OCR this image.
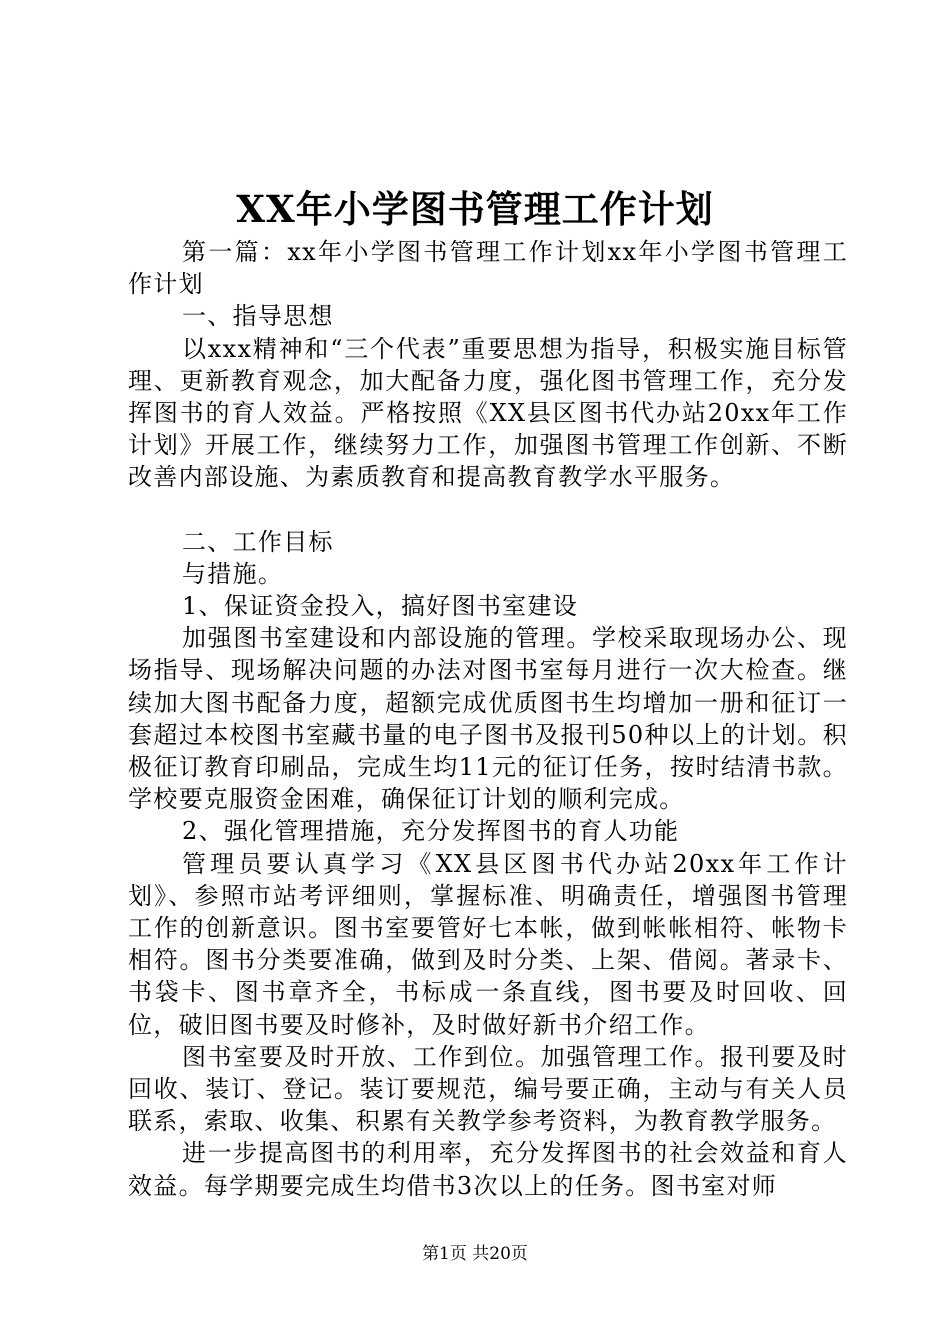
XX年小学图书管理工作计划

第一篇：xx年小学图书管理工作计划xx年小学图书管理工作计划

一、指导思想

以xxx精神和“三个代表”重要思想为指导，积极实施目标管理、更新教育观念，加大配备力度，强化图书管理工作，充分发挥图书的育人效益。严格按照《XX县区图书代办站20xx年工作计划》开展工作，继续努力工作，加强图书管理工作创新、不断改善内部设施、为素质教育和提高教育教学水平服务。

二、工作目标

与措施。

1、保证资金投入，搞好图书室建设

加强图书室建设和内部设施的管理。学校采取现场办公、现场指导、现场解决问题的办法对图书室每月进行一次大检查。继续加大图书配备力度，超额完成优质图书生均增加一册和征订一套超过本校图书室藏书量的电子图书及报刊50种以上的计划。积极征订教育印刷品，完成生均11元的征订任务，按时结清书款。学校要克服资金困难，确保征订计划的顺利完成。

2、强化管理措施，充分发挥图书的育人功能

管理员要认真学习《XX县区图书代办站20xx年工作计划》、参照市站考评细则，掌握标准、明确责任，增强图书管理工作的创新意识。图书室要管好七本帐，做到帐帐相符、帐物卡相符。图书分类要准确，做到及时分类、上架、借阅。著录卡、书袋卡、图书章齐全，书标成一条直线，图书要及时回收、回位，破旧图书要及时修补，及时做好新书介绍工作。

图书室要及时开放、工作到位。加强管理工作。报刊要及时回收、装订、登记。装订要规范，编号要正确，主动与有关人员联系，索取、收集、积累有关教学参考资料，为教育教学服务。

进一步提高图书的利用率，充分发挥图书的社会效益和育人效益。每学期要完成生均借书3次以上的任务。图书室对师

第1页 共20页
